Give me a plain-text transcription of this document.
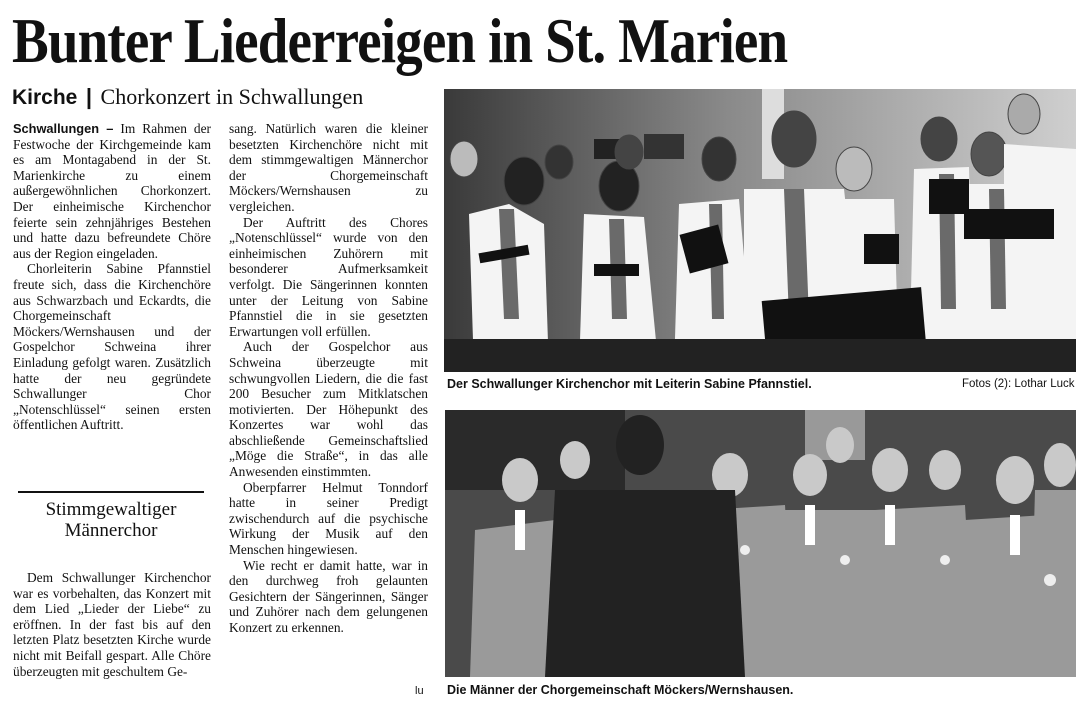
Bunter Liederreigen in St. Marien
Kirche | Chorkonzert in Schwallungen

Schwallungen – Im Rahmen der Festwoche der Kirchgemeinde kam es am Montagabend in der St. Marienkirche zu einem außergewöhnlichen Chorkonzert. Der einheimische Kirchenchor feierte sein zehnjähriges Bestehen und hatte dazu befreundete Chöre aus der Region eingeladen.

Chorleiterin Sabine Pfannstiel freute sich, dass die Kirchenchöre aus Schwarzbach und Eckardts, die Chorgemeinschaft Möckers/Wernshausen und der Gospelchor Schweina ihrer Einladung gefolgt waren. Zusätzlich hatte der neu gegründete Schwallunger Chor „Notenschlüssel“ seinen ersten öffentlichen Auftritt.

Stimmgewaltiger Männerchor

Dem Schwallunger Kirchenchor war es vorbehalten, das Konzert mit dem Lied „Lieder der Liebe“ zu eröffnen. In der fast bis auf den letzten Platz besetzten Kirche wurde nicht mit Beifall gespart. Alle Chöre überzeugten mit geschultem Ge-

sang. Natürlich waren die kleiner besetzten Kirchenchöre nicht mit dem stimmgewaltigen Männerchor der Chorgemeinschaft Möckers/Wernshausen zu vergleichen.

Der Auftritt des Chores „Notenschlüssel“ wurde von den einheimischen Zuhörern mit besonderer Aufmerksamkeit verfolgt. Die Sängerinnen konnten unter der Leitung von Sabine Pfannstiel die in sie gesetzten Erwartungen voll erfüllen.

Auch der Gospelchor aus Schweina überzeugte mit schwungvollen Liedern, die die fast 200 Besucher zum Mitklatschen motivierten. Der Höhepunkt des Konzertes war wohl das abschließende Gemeinschaftslied „Möge die Straße“, in das alle Anwesenden einstimmten.

Oberpfarrer Helmut Tonndorf hatte in seiner Predigt zwischendurch auf die psychische Wirkung der Musik auf den Menschen hingewiesen.

Wie recht er damit hatte, war in den durchweg froh gelaunten Gesichtern der Sängerinnen, Sänger und Zuhörer nach dem gelungenen Konzert zu erkennen.

lu
Der Schwallunger Kirchenchor mit Leiterin Sabine Pfannstiel.	Fotos (2): Lothar Luck
Die Männer der Chorgemeinschaft Möckers/Wernshausen.
